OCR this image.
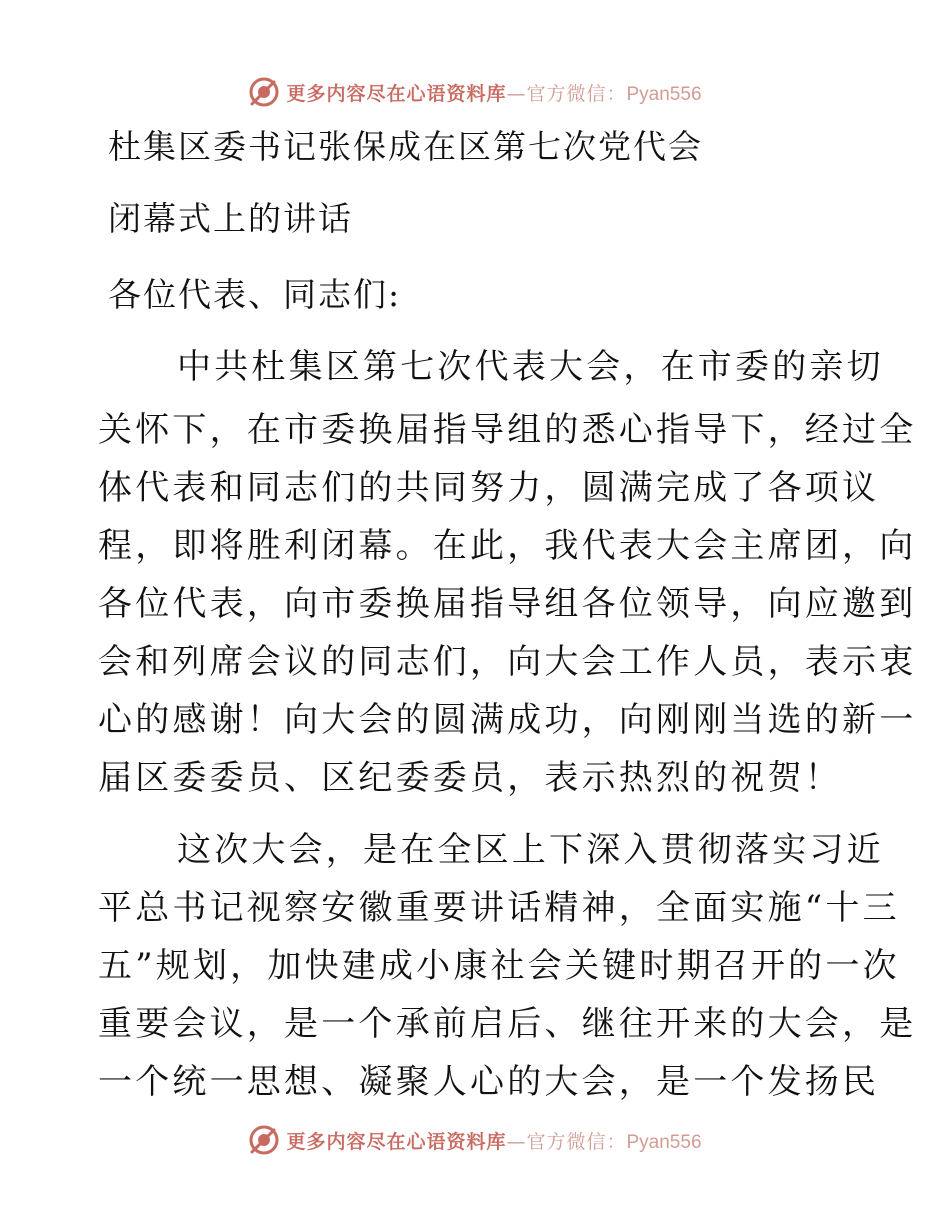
更多内容尽在心语资料库—官方微信：Pyan556
杜集区委书记张保成在区第七次党代会
闭幕式上的讲话
各位代表、同志们:
中共杜集区第七次代表大会，在市委的亲切
关怀下，在市委换届指导组的悉心指导下，经过全
体代表和同志们的共同努力，圆满完成了各项议
程，即将胜利闭幕。在此，我代表大会主席团，向
各位代表，向市委换届指导组各位领导，向应邀到
会和列席会议的同志们，向大会工作人员，表示衷
心的感谢！向大会的圆满成功，向刚刚当选的新一
届区委委员、区纪委委员，表示热烈的祝贺！
这次大会，是在全区上下深入贯彻落实习近
平总书记视察安徽重要讲话精神，全面实施“十三
五”规划，加快建成小康社会关键时期召开的一次
重要会议，是一个承前启后、继往开来的大会，是
一个统一思想、凝聚人心的大会，是一个发扬民
更多内容尽在心语资料库—官方微信：Pyan556
